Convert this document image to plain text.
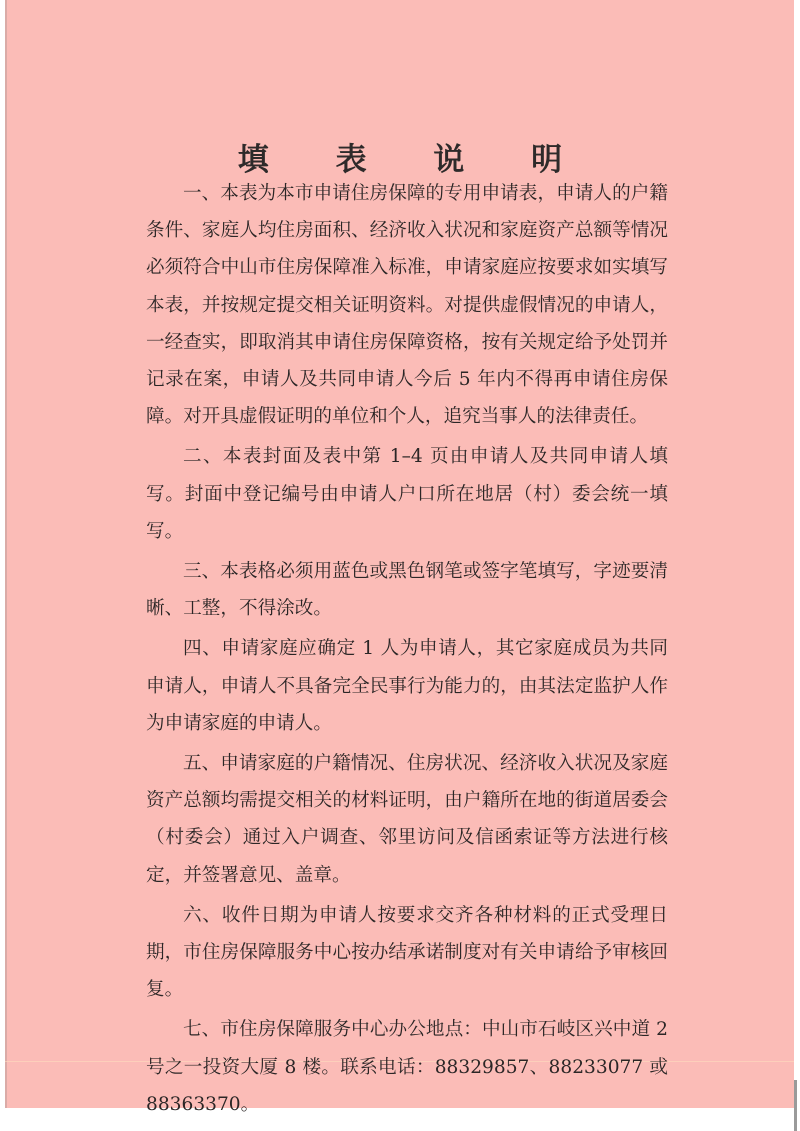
填 表 说 明

一、本表为本市申请住房保障的专用申请表，申请人的户籍条件、家庭人均住房面积、经济收入状况和家庭资产总额等情况必须符合中山市住房保障准入标准，申请家庭应按要求如实填写本表，并按规定提交相关证明资料。对提供虚假情况的申请人，一经查实，即取消其申请住房保障资格，按有关规定给予处罚并记录在案，申请人及共同申请人今后 5 年内不得再申请住房保障。对开具虚假证明的单位和个人，追究当事人的法律责任。

二、本表封面及表中第 1–4 页由申请人及共同申请人填写。封面中登记编号由申请人户口所在地居（村）委会统一填写。

三、本表格必须用蓝色或黑色钢笔或签字笔填写，字迹要清晰、工整，不得涂改。

四、申请家庭应确定 1 人为申请人，其它家庭成员为共同申请人，申请人不具备完全民事行为能力的，由其法定监护人作为申请家庭的申请人。

五、申请家庭的户籍情况、住房状况、经济收入状况及家庭资产总额均需提交相关的材料证明，由户籍所在地的街道居委会（村委会）通过入户调查、邻里访问及信函索证等方法进行核定，并签署意见、盖章。

六、收件日期为申请人按要求交齐各种材料的正式受理日期，市住房保障服务中心按办结承诺制度对有关申请给予审核回复。

七、市住房保障服务中心办公地点：中山市石岐区兴中道 2 号之一投资大厦 8 楼。联系电话：88329857、88233077 或 88363370。
